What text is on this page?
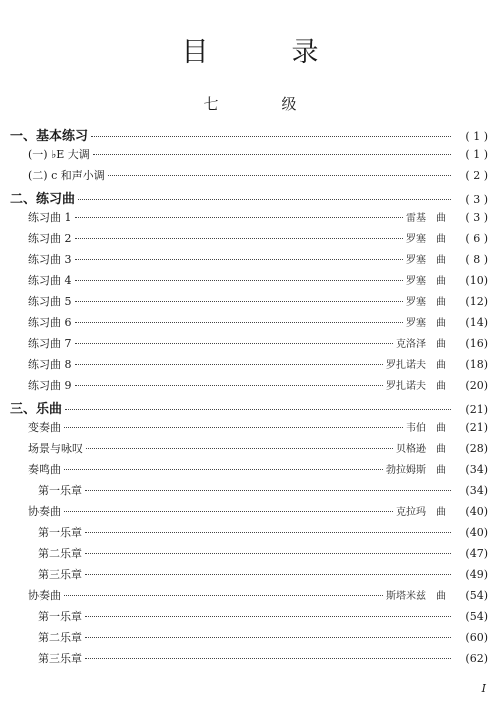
目　录
七　级
一、基本练习	( 1 )
(一) ♭E 大调	( 1 )
(二) c 和声小调	( 2 )
二、练习曲	( 3 )
练习曲 1	雷基	曲	( 3 )
练习曲 2	罗塞	曲	( 6 )
练习曲 3	罗塞	曲	( 8 )
练习曲 4	罗塞	曲	(10)
练习曲 5	罗塞	曲	(12)
练习曲 6	罗塞	曲	(14)
练习曲 7	克洛泽	曲	(16)
练习曲 8	罗扎诺夫	曲	(18)
练习曲 9	罗扎诺夫	曲	(20)
三、乐曲	(21)
变奏曲	韦伯	曲	(21)
场景与咏叹	贝格逊	曲	(28)
奏鸣曲	勃拉姆斯	曲	(34)
第一乐章	(34)
协奏曲	克拉玛	曲	(40)
第一乐章	(40)
第二乐章	(47)
第三乐章	(49)
协奏曲	斯塔米兹	曲	(54)
第一乐章	(54)
第二乐章	(60)
第三乐章	(62)
I
